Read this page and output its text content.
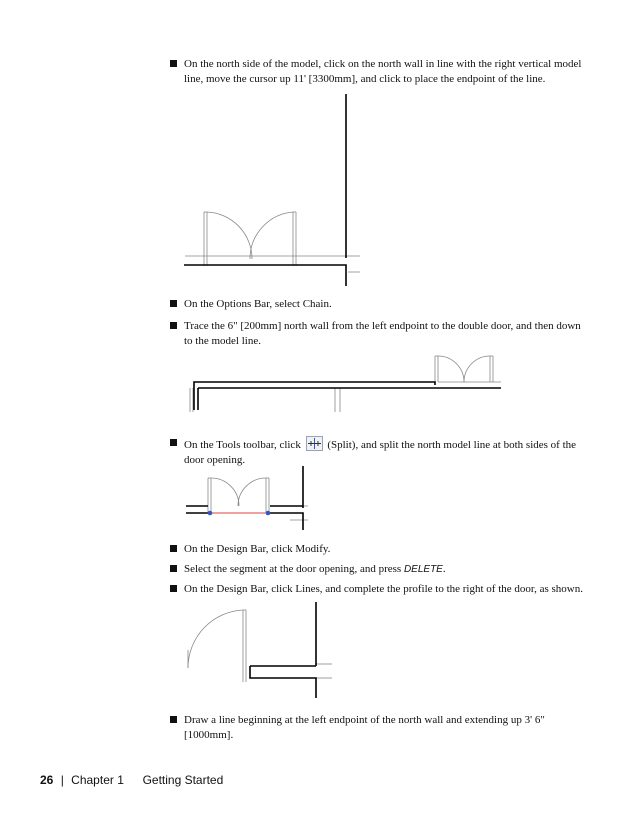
On the north side of the model, click on the north wall in line with the right vertical model line, move the cursor up 11' [3300mm], and click to place the endpoint of the line.
On the Options Bar, select Chain.
Trace the 6" [200mm] north wall from the left endpoint to the double door, and then down to the model line.
On the Tools toolbar, click (Split), and split the north model line at both sides of the door opening.
On the Design Bar, click Modify.
Select the segment at the door opening, and press DELETE.
On the Design Bar, click Lines, and complete the profile to the right of the door, as shown.
Draw a line beginning at the left endpoint of the north wall and extending up 3' 6" [1000mm].
26 | Chapter 1 Getting Started
